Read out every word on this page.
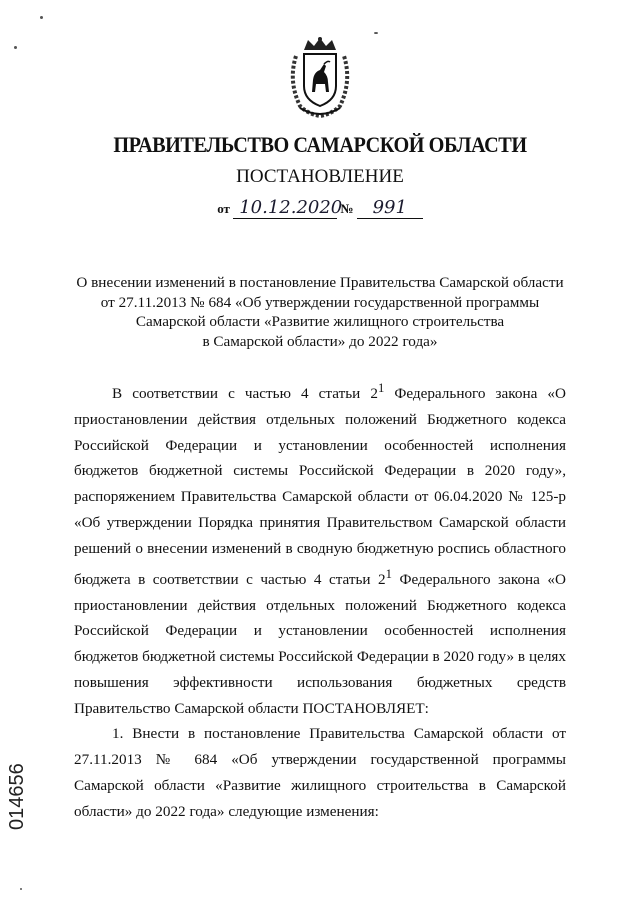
ПРАВИТЕЛЬСТВО САМАРСКОЙ ОБЛАСТИ
ПОСТАНОВЛЕНИЕ
от 10.12.2020 № 991
О внесении изменений в постановление Правительства Самарской области
от 27.11.2013 № 684 «Об утверждении государственной программы
Самарской области «Развитие жилищного строительства
в Самарской области» до 2022 года»

В соответствии с частью 4 статьи $2^1$ Федерального закона «О приостановлении действия отдельных положений Бюджетного кодекса Российской Федерации и установлении особенностей исполнения бюджетов бюджетной системы Российской Федерации в 2020 году», распоряжением Правительства Самарской области от 06.04.2020 № 125-р «Об утверждении Порядка принятия Правительством Самарской области решений о внесении изменений в сводную бюджетную роспись областного бюджета в соответствии с частью 4 статьи $2^1$ Федерального закона «О приостановлении действия отдельных положений Бюджетного кодекса Российской Федерации и установлении особенностей исполнения бюджетов бюджетной системы Российской Федерации в 2020 году» в целях повышения эффективности использования бюджетных средств Правительство Самарской области ПОСТАНОВЛЯЕТ:

1. Внести в постановление Правительства Самарской области от 27.11.2013 № 684 «Об утверждении государственной программы Самарской области «Развитие жилищного строительства в Самарской области» до 2022 года» следующие изменения:

014656
